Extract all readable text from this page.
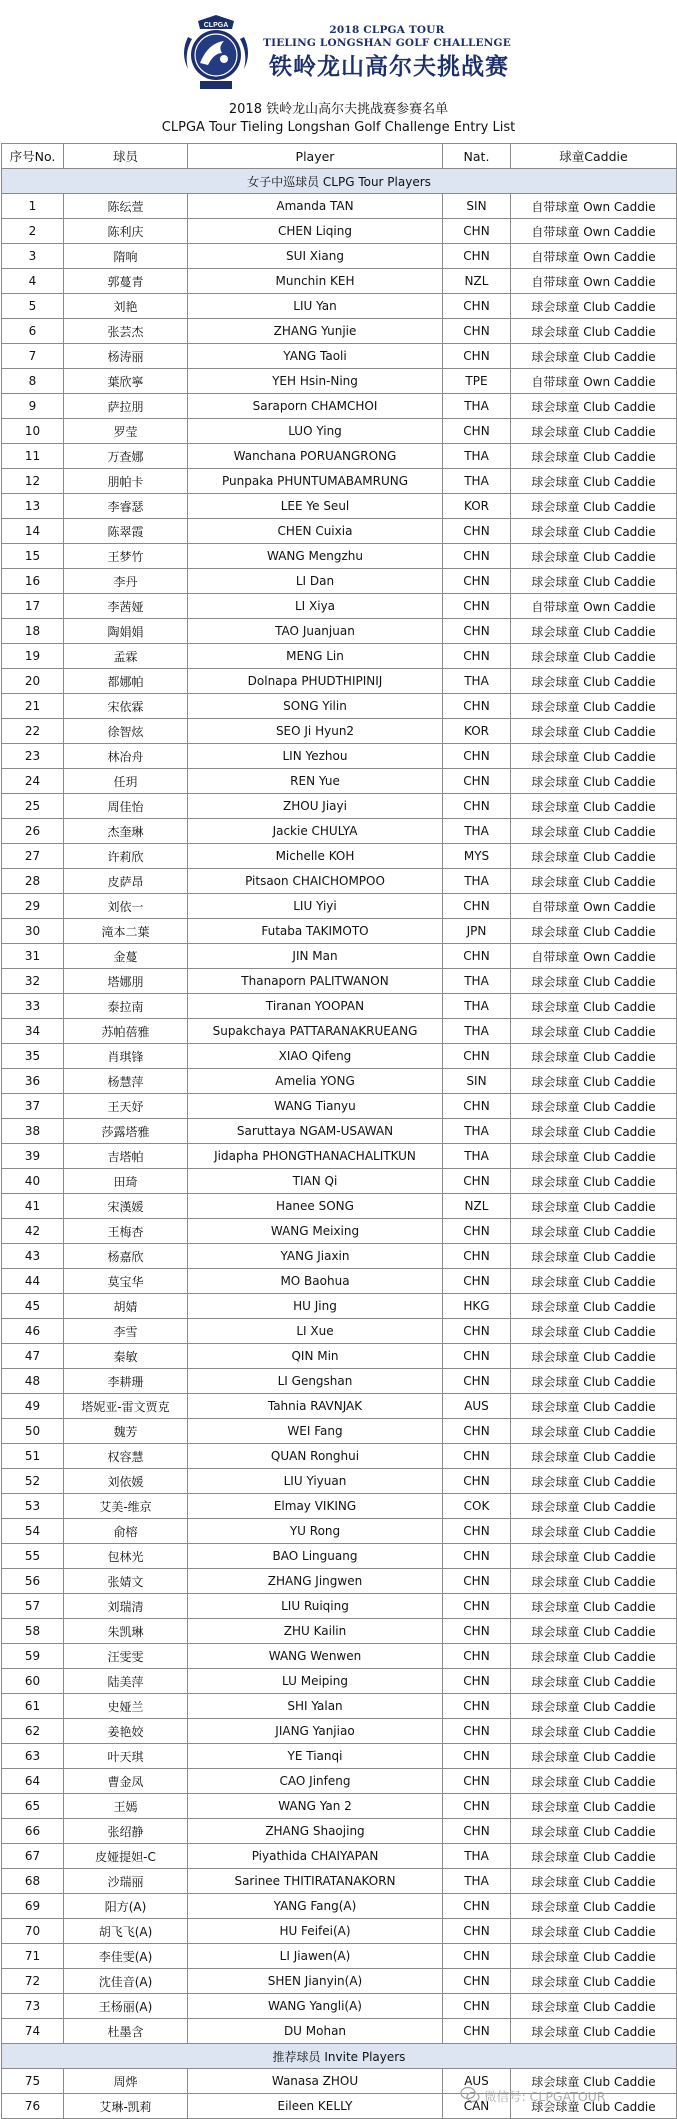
CLPGA	2018 CLPGA TOUR
TIELING LONGSHAN GOLF CHALLENGE
铁岭龙山高尔夫挑战赛
2018 铁岭龙山高尔夫挑战赛参赛名单
CLPGA Tour Tieling Longshan Golf Challenge Entry List
序号No.	球员	Player	Nat.	球童Caddie
女子中巡球员 CLPG Tour Players				
1	陈纭萱	Amanda TAN	SIN	自带球童 Own Caddie
2	陈利庆	CHEN Liqing	CHN	自带球童 Own Caddie
3	隋响	SUI Xiang	CHN	自带球童 Own Caddie
4	郭蔓青	Munchin KEH	NZL	自带球童 Own Caddie
5	刘艳	LIU Yan	CHN	球会球童 Club Caddie
6	张芸杰	ZHANG Yunjie	CHN	球会球童 Club Caddie
7	杨涛丽	YANG Taoli	CHN	球会球童 Club Caddie
8	葉欣寧	YEH Hsin-Ning	TPE	自带球童 Own Caddie
9	萨拉朋	Saraporn CHAMCHOI	THA	球会球童 Club Caddie
10	罗莹	LUO Ying	CHN	球会球童 Club Caddie
11	万查娜	Wanchana PORUANGRONG	THA	球会球童 Club Caddie
12	朋帕卡	Punpaka PHUNTUMABAMRUNG	THA	球会球童 Club Caddie
13	李睿瑟	LEE Ye Seul	KOR	球会球童 Club Caddie
14	陈翠霞	CHEN Cuixia	CHN	球会球童 Club Caddie
15	王梦竹	WANG Mengzhu	CHN	球会球童 Club Caddie
16	李丹	LI Dan	CHN	球会球童 Club Caddie
17	李茜娅	LI Xiya	CHN	自带球童 Own Caddie
18	陶娟娟	TAO Juanjuan	CHN	球会球童 Club Caddie
19	孟霖	MENG Lin	CHN	球会球童 Club Caddie
20	都娜帕	Dolnapa PHUDTHIPINIJ	THA	球会球童 Club Caddie
21	宋依霖	SONG Yilin	CHN	球会球童 Club Caddie
22	徐智炫	SEO Ji Hyun2	KOR	球会球童 Club Caddie
23	林冶舟	LIN Yezhou	CHN	球会球童 Club Caddie
24	任玥	REN Yue	CHN	球会球童 Club Caddie
25	周佳怡	ZHOU Jiayi	CHN	球会球童 Club Caddie
26	杰奎琳	Jackie CHULYA	THA	球会球童 Club Caddie
27	许莉欣	Michelle KOH	MYS	球会球童 Club Caddie
28	皮萨昂	Pitsaon CHAICHOMPOO	THA	球会球童 Club Caddie
29	刘依一	LIU Yiyi	CHN	自带球童 Own Caddie
30	滝本二葉	Futaba TAKIMOTO	JPN	球会球童 Club Caddie
31	金蔓	JIN Man	CHN	自带球童 Own Caddie
32	塔娜朋	Thanaporn PALITWANON	THA	球会球童 Club Caddie
33	泰拉南	Tiranan YOOPAN	THA	球会球童 Club Caddie
34	苏帕蓓雅	Supakchaya PATTARANAKRUEANG	THA	球会球童 Club Caddie
35	肖琪锋	XIAO Qifeng	CHN	球会球童 Club Caddie
36	杨慧萍	Amelia YONG	SIN	球会球童 Club Caddie
37	王天妤	WANG Tianyu	CHN	球会球童 Club Caddie
38	莎露塔雅	Saruttaya NGAM-USAWAN	THA	球会球童 Club Caddie
39	吉塔帕	Jidapha PHONGTHANACHALITKUN	THA	球会球童 Club Caddie
40	田琦	TIAN Qi	CHN	球会球童 Club Caddie
41	宋漢媛	Hanee SONG	NZL	球会球童 Club Caddie
42	王梅杏	WANG Meixing	CHN	球会球童 Club Caddie
43	杨嘉欣	YANG Jiaxin	CHN	球会球童 Club Caddie
44	莫宝华	MO Baohua	CHN	球会球童 Club Caddie
45	胡婧	HU Jing	HKG	球会球童 Club Caddie
46	李雪	LI Xue	CHN	球会球童 Club Caddie
47	秦敏	QIN Min	CHN	球会球童 Club Caddie
48	李耕珊	LI Gengshan	CHN	球会球童 Club Caddie
49	塔妮亚-雷文贾克	Tahnia RAVNJAK	AUS	球会球童 Club Caddie
50	魏芳	WEI Fang	CHN	球会球童 Club Caddie
51	权容慧	QUAN Ronghui	CHN	球会球童 Club Caddie
52	刘依媛	LIU Yiyuan	CHN	球会球童 Club Caddie
53	艾美-维京	Elmay VIKING	COK	球会球童 Club Caddie
54	俞榕	YU Rong	CHN	球会球童 Club Caddie
55	包林光	BAO Linguang	CHN	球会球童 Club Caddie
56	张婧文	ZHANG Jingwen	CHN	球会球童 Club Caddie
57	刘瑞清	LIU Ruiqing	CHN	球会球童 Club Caddie
58	朱凯琳	ZHU Kailin	CHN	球会球童 Club Caddie
59	汪雯雯	WANG Wenwen	CHN	球会球童 Club Caddie
60	陆美萍	LU Meiping	CHN	球会球童 Club Caddie
61	史娅兰	SHI Yalan	CHN	球会球童 Club Caddie
62	姜艳姣	JIANG Yanjiao	CHN	球会球童 Club Caddie
63	叶天琪	YE Tianqi	CHN	球会球童 Club Caddie
64	曹金凤	CAO Jinfeng	CHN	球会球童 Club Caddie
65	王嫣	WANG Yan 2	CHN	球会球童 Club Caddie
66	张绍静	ZHANG Shaojing	CHN	球会球童 Club Caddie
67	皮娅提妲-C	Piyathida CHAIYAPAN	THA	球会球童 Club Caddie
68	沙瑞丽	Sarinee THITIRATANAKORN	THA	球会球童 Club Caddie
69	阳方(A)	YANG Fang(A)	CHN	球会球童 Club Caddie
70	胡飞飞(A)	HU Feifei(A)	CHN	球会球童 Club Caddie
71	李佳雯(A)	LI Jiawen(A)	CHN	球会球童 Club Caddie
72	沈佳音(A)	SHEN Jianyin(A)	CHN	球会球童 Club Caddie
73	王杨丽(A)	WANG Yangli(A)	CHN	球会球童 Club Caddie
74	杜墨含	DU Mohan	CHN	球会球童 Club Caddie
推荐球员 Invite Players				
75	周烨	Wanasa ZHOU	AUS	球会球童 Club Caddie
76	艾琳-凯莉	Eileen KELLY	CAN	球会球童 Club Caddie
微信号: CLPGATOUR
